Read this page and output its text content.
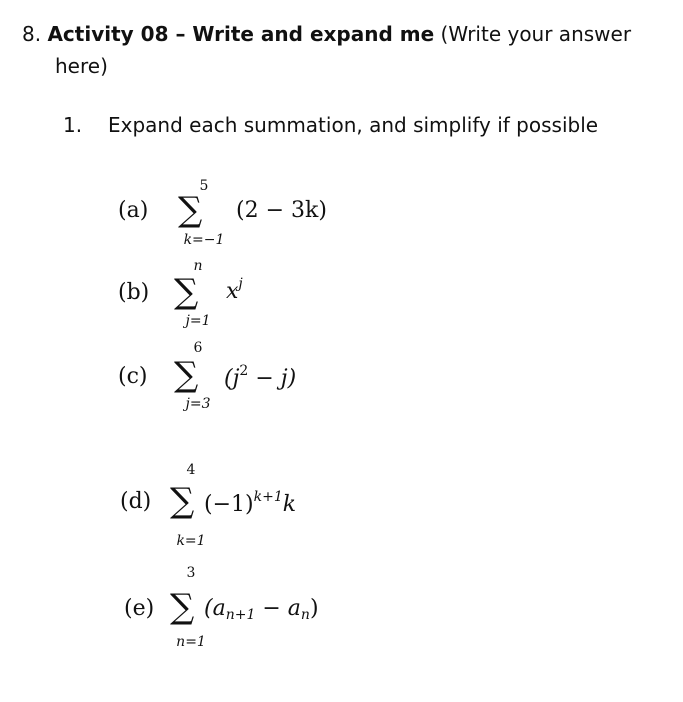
8. Activity 08 – Write and expand me (Write your answer
here)
1. Expand each summation, and simplify if possible
(a)
5
∑
k=−1
(2 − 3k)
(b)
n
∑
j=1
$x^j$
(c)
6
∑
j=3
$(j^2 - j)$
(d)
4
∑
k=1
$(-1)^{k+1}k$
(e)
3
∑
n=1
$(a_{n+1} - a_n)$
